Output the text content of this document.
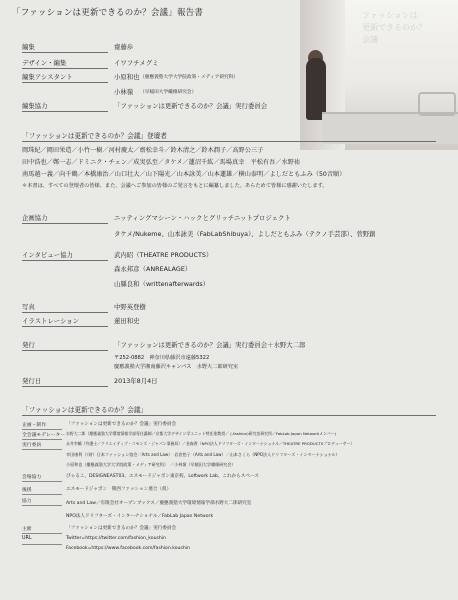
「ファッションは更新できるのか？会議」報告書	ファッションは
更新できるのか？
会議
編集	齋藤歩
デザイン・編集	イワフチメグミ
編集アシスタント	小原和也 （慶應義塾大学大学院政策・メディア研究科）
小林嶺 （早稲田大学繊維研究会）
編集協力	「ファッションは更新できるのか？会議」実行委員会
「ファッションは更新できるのか？会議」登壇者
岡珠紀／岡田栄造／小竹一樹／河村慶太／齋松幸斗／鈴木清之／鈴木潤子／高野公三子
田中浩也／鄭一志／ドミニク・チェン／成実弘至／タケメ／蓮沼千紘／馬場真幸　平松有吾／水野祐
南馬越一義／向千鶴／本橋康治／山口壮大／山下陽光／山本詠美／山本蓮雄／横山泰明／よしだともふみ（50音順）
＊本書は、すべての登壇者の皆様、また、会議へご参加の皆様のご発言をもとに編纂しました。あらためて皆様に感謝いたします。
企画協力	ニッティングマシーン・ハックとグリッチニットプロジェクト
タケメ/Nukeme、山本詠美（FabLabShibuya）、よしだともふみ（テクノ手芸部）、菅野創
インタビュー協力	武内昭（THEATRE PRODUCTS）
森永邦彦（ANREALAGE）
山縣良和（writtenafterwards）
写真	中野英登樹
イラストレーション	蓮田和史
発行	「ファッションは更新できるのか？会議」実行委員会＋水野大二郎
〒252-0882　神奈川県藤沢市遠藤5322
慶應義塾大学湘南藤沢キャンパス　水野大二郎研究室
発行日	2013年8月4日
「ファッションは更新できるのか？会議」
企画・制作	「ファッションは更新できるのか？会議」実行委員会
全会議モデレーター 水野大二郎（慶應義塾大学環境情報学部専任講師／京都大学デザイン学ユニット特任准教授／ (.fashion)研究室研究所／FabLab Japan Networkメンバー)
実行委員	永井幸輔（弁護士／クリエイティブ・コモンズ・ジャパン事務局）／金森香（NPO法人ドリフターズ・インターナショナル／THEATRE PRODUCTSプロデューサー）
幸田康利（（財）日本ファッション協会／Arts and Law）　岩倉悠子（Arts and Law）／山本さくら（NPO法人ドリフターズ・インターナショナル）
小原和也（慶應義塾大学大学院政策・メディア研究科）　／小林嶺（早稲田大学繊維研究会）
会場協力	ぴゃるこ、DESIGNEAST03、エスモードジャポン東京校、Loftwork Lab、これからスペース
後援	エスモードジャポン　関西ファッション連合（仮）
協力	Arts and Law／有限会社オープンブックス／慶應義塾大学環境情報学部水野大二郎研究室
NPO法人ドリフターズ・インターナショナル／FabLab Japan Network
主催	「ファッションは更新できるのか？会議」実行委員会
URL	Twitter=https://twitter.com/fashion_koushin
Facebook=https://www.facebook.com/fashion.koushin
